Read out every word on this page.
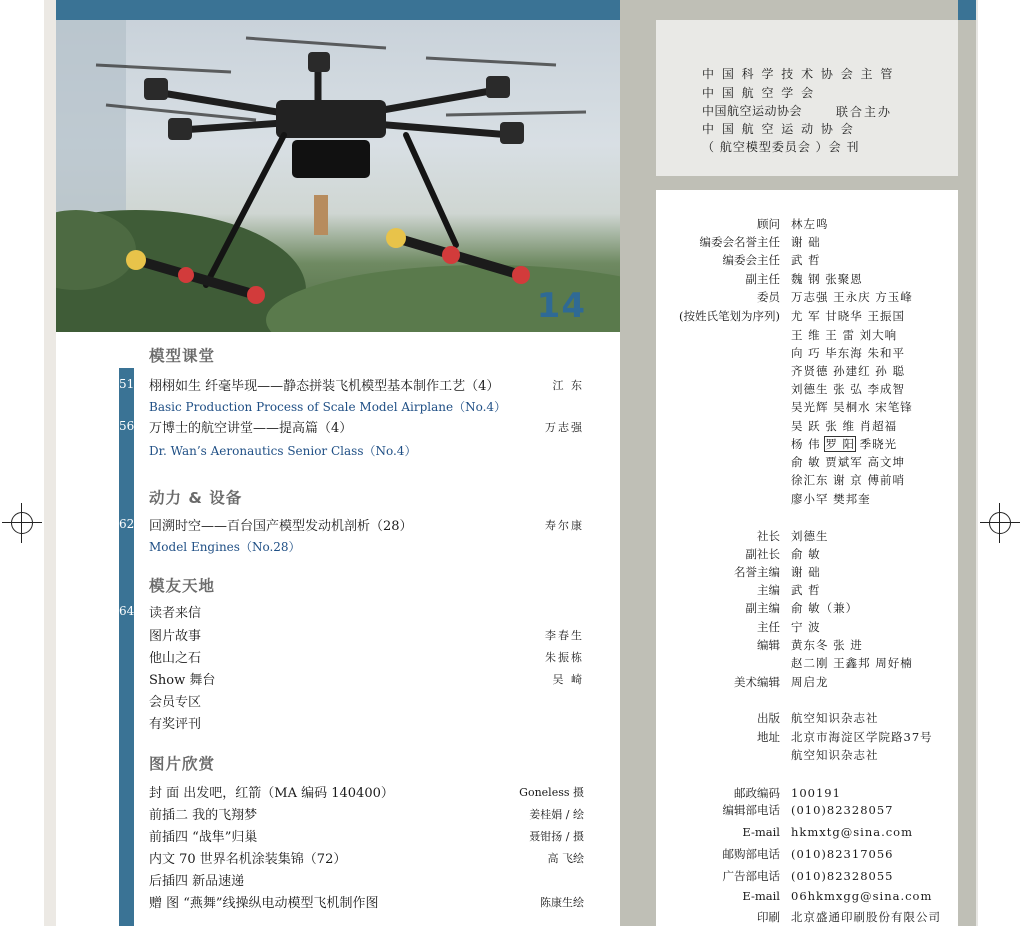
14
中 国 科 学 技 术 协 会 主 管
中 国 航 空 学 会
中国航空运动协会	联合主办
中 国 航 空 运 动 协 会
（ 航空模型委员会 ）会 刊
顾问 林左鸣
编委会名誉主任 谢 础
编委会主任 武 哲
副主任 魏 钢 张聚恩
委员 万志强 王永庆 方玉峰
(按姓氏笔划为序列) 尤 军 甘晓华 王振国
王 维 王 雷 刘大响
向 巧 毕东海 朱和平
齐贤德 孙建红 孙 聪
刘德生 张 弘 李成智
吴光辉 吴桐水 宋笔锋
吴 跃 张 维 肖超福
杨 伟 罗 阳 季晓光
俞 敏 贾斌军 高文坤
徐汇东 谢 京 傅前哨
廖小罕 樊邦奎
社长 刘德生
副社长 俞 敏
名誉主编 谢 础
主编 武 哲
副主编 俞 敏（兼）
主任 宁 波
编辑 黄东冬 张 进
赵二刚 王鑫邦 周好楠
美术编辑 周启龙
出版 航空知识杂志社
地址 北京市海淀区学院路37号
航空知识杂志社
邮政编码 100191
编辑部电话 (010)82328057
E-mail hkmxtg@sina.com
邮购部电话 (010)82317056
广告部电话 (010)82328055
E-mail 06hkmxgg@sina.com
印刷 北京盛通印刷股份有限公司
模型课堂
51 栩栩如生 纤毫毕现——静态拼装飞机模型基本制作工艺（4）	江 东
Basic Production Process of Scale Model Airplane（No.4）
56 万博士的航空讲堂——提高篇（4）	万志强
Dr. Wan’s Aeronautics Senior Class（No.4）
动力 & 设备
62 回溯时空——百台国产模型发动机剖析（28）	寿尔康
Model Engines（No.28）
模友天地
64 读者来信
图片故事	李春生
他山之石	朱振栋
Show 舞台	吴 崎
会员专区
有奖评刊
图片欣赏
封 面 出发吧，红箭（MA 编码 140400）	Goneless 摄
前插二 我的飞翔梦	姜桂娟 / 绘
前插四 “战隼”归巢	聂钳扬 / 摄
内文 70 世界名机涂装集锦（72）	高 飞绘
后插四 新品速递
赠 图 “燕舞”线操纵电动模型飞机制作图	陈康生绘
